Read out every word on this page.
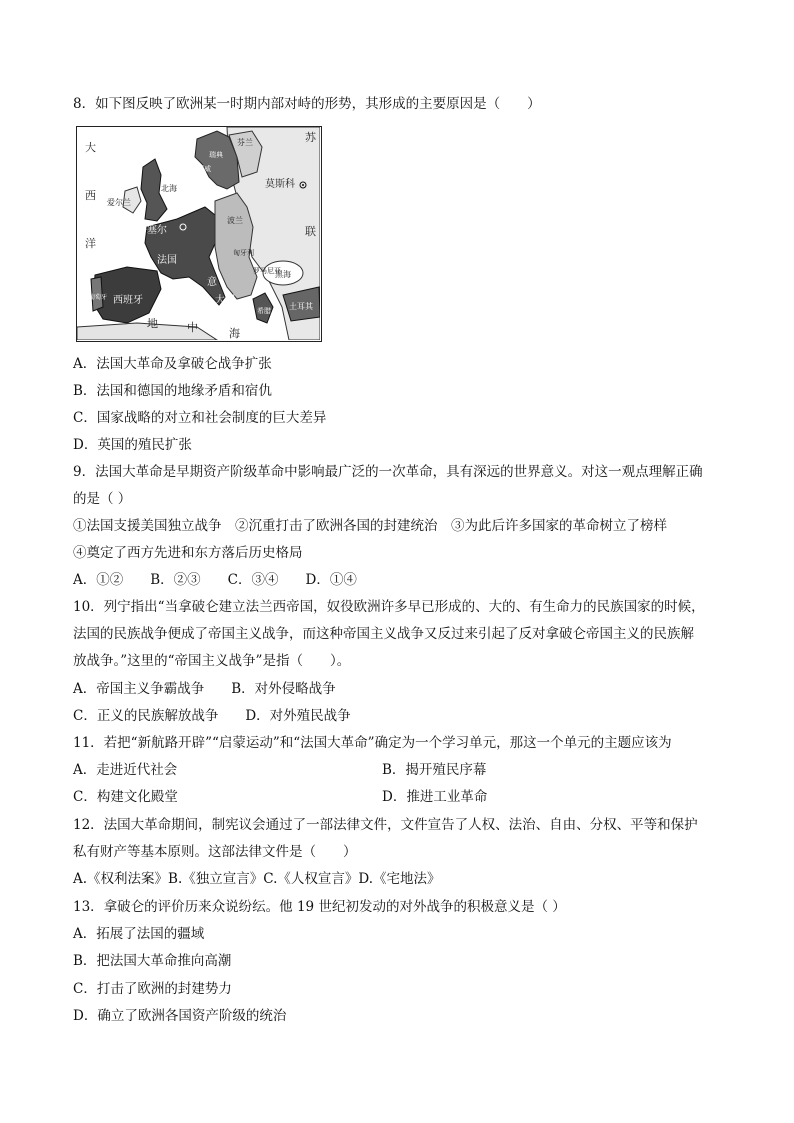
8．如下图反映了欧洲某一时期内部对峙的形势，其形成的主要原因是（　　）
大
西
洋
苏
联
莫斯科
布鲁塞尔
法国
西班牙
地	中	海
北海
爱尔兰
芬兰
瑞典
挪威
波兰
黑海
土耳其
葡萄牙
意
大利
希腊
匈牙利
罗马尼亚
A．法国大革命及拿破仑战争扩张
B．法国和德国的地缘矛盾和宿仇
C．国家战略的对立和社会制度的巨大差异
D．英国的殖民扩张
9．法国大革命是早期资产阶级革命中影响最广泛的一次革命，具有深远的世界意义。对这一观点理解正确
的是（ ）
①法国支援美国独立战争　②沉重打击了欧洲各国的封建统治　③为此后许多国家的革命树立了榜样
④奠定了西方先进和东方落后历史格局
A．①②　　B．②③　　C．③④　　D．①④
10．列宁指出“当拿破仑建立法兰西帝国，奴役欧洲许多早已形成的、大的、有生命力的民族国家的时候，
法国的民族战争便成了帝国主义战争，而这种帝国主义战争又反过来引起了反对拿破仑帝国主义的民族解
放战争。”这里的“帝国主义战争”是指（　　）。
A．帝国主义争霸战争　　B．对外侵略战争
C．正义的民族解放战争　　D．对外殖民战争
11．若把“新航路开辟”“启蒙运动”和“法国大革命”确定为一个学习单元，那这一个单元的主题应该为
A．走进近代社会	B．揭开殖民序幕
C．构建文化殿堂	D．推进工业革命
12．法国大革命期间，制宪议会通过了一部法律文件，文件宣告了人权、法治、自由、分权、平等和保护
私有财产等基本原则。这部法律文件是（　　）
A.《权利法案》B.《独立宣言》C.《人权宣言》D.《宅地法》
13．拿破仑的评价历来众说纷纭。他 19 世纪初发动的对外战争的积极意义是（ ）
A．拓展了法国的疆域
B．把法国大革命推向高潮
C．打击了欧洲的封建势力
D．确立了欧洲各国资产阶级的统治
